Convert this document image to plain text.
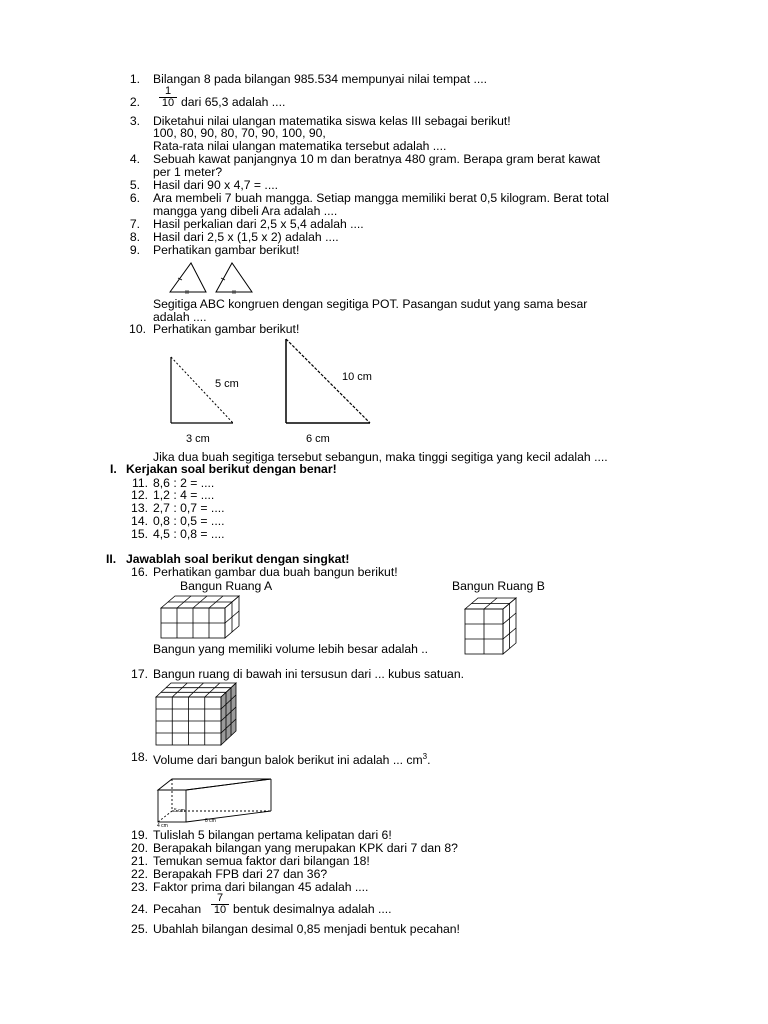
1. Bilangan 8 pada bilangan 985.534 mempunyai nilai tempat ....
2. $\frac{1}{10}$ dari 65,3 adalah ....
3. Diketahui nilai ulangan matematika siswa kelas III sebagai berikut!
100, 80, 90, 80, 70, 90, 100, 90,
Rata-rata nilai ulangan matematika tersebut adalah ....
4. Sebuah kawat panjangnya 10 m dan beratnya 480 gram. Berapa gram berat kawat
per 1 meter?
5. Hasil dari 90 x 4,7 = ....
6. Ara membeli 7 buah mangga. Setiap mangga memiliki berat 0,5 kilogram. Berat total
mangga yang dibeli Ara adalah ....
7. Hasil perkalian dari 2,5 x 5,4 adalah ....
8. Hasil dari 2,5 x (1,5 x 2) adalah ....
9. Perhatikan gambar berikut!
Segitiga ABC kongruen dengan segitiga POT. Pasangan sudut yang sama besar
adalah ....
10. Perhatikan gambar berikut!
5 cm
3 cm
10 cm
6 cm
Jika dua buah segitiga tersebut sebangun, maka tinggi segitiga yang kecil adalah ....
I. Kerjakan soal berikut dengan benar!
11. 8,6 : 2 = ....
12. 1,2 : 4 = ....
13. 2,7 : 0,7 = ....
14. 0,8 : 0,5 = ....
15. 4,5 : 0,8 = ....
II. Jawablah soal berikut dengan singkat!
16. Perhatikan gambar dua buah bangun berikut!
Bangun Ruang A	Bangun Ruang B
Bangun yang memiliki volume lebih besar adalah ..
17. Bangun ruang di bawah ini tersusun dari ... kubus satuan.
18. Volume dari bangun balok berikut ini adalah ... $cm^3$.
5 cm
8 cm
4 cm
19. Tulislah 5 bilangan pertama kelipatan dari 6!
20. Berapakah bilangan yang merupakan KPK dari 7 dan 8?
21. Temukan semua faktor dari bilangan 18!
22. Berapakah FPB dari 27 dan 36?
23. Faktor prima dari bilangan 45 adalah ....
24. Pecahan	bentuk desimalnya adalah ....
$\frac{7}{10}$
25. Ubahlah bilangan desimal 0,85 menjadi bentuk pecahan!
